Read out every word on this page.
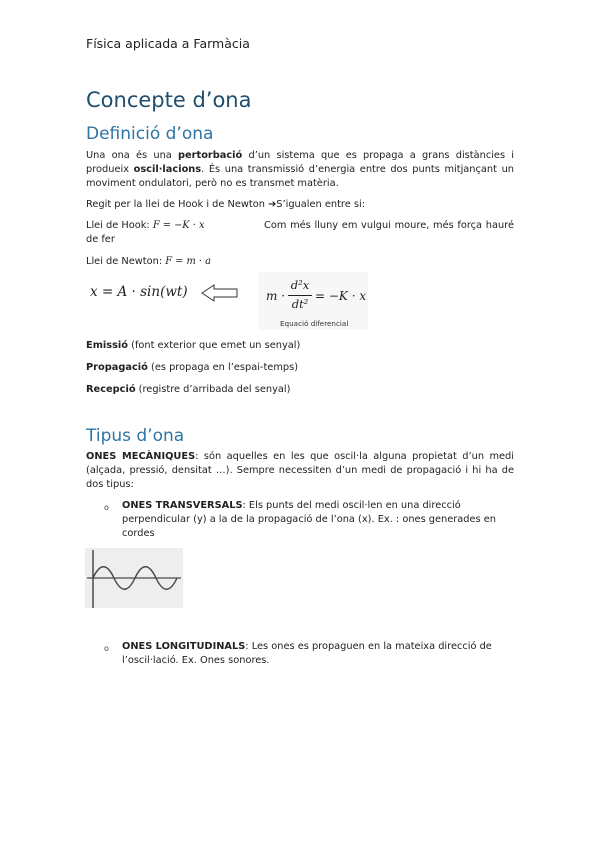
Física aplicada a Farmàcia
Concepte d’ona
Definició d’ona

Una ona és una pertorbació d’un sistema que es propaga a grans distàncies i produeix oscil·lacions. És una transmissió d’energia entre dos punts mitjançant un moviment ondulatori, però no es transmet matèria.

Regit per la llei de Hook i de Newton ➔S’igualen entre si:

Llei de Hook: F = −K · x	Com més lluny em vulgui moure, més força hauré de fer
Llei de Newton: F = m · a
x = A · sin(wt)	m ·
d²x
dt²
= −K · x
Equació diferencial
Emissió (font exterior que emet un senyal)
Propagació (es propaga en l’espai-temps)
Recepció (registre d’arribada del senyal)
Tipus d’ona

ONES MECÀNIQUES: són aquelles en les que oscil·la alguna propietat d’un medi (alçada, pressió, densitat …). Sempre necessiten d’un medi de propagació i hi ha de dos tipus:

o ONES TRANSVERSALS: Els punts del medi oscil·len en una direcció perpendicular (y) a la de la propagació de l’ona (x). Ex. : ones generades en cordes

o ONES LONGITUDINALS: Les ones es propaguen en la mateixa direcció de l’oscil·lació. Ex. Ones sonores.
